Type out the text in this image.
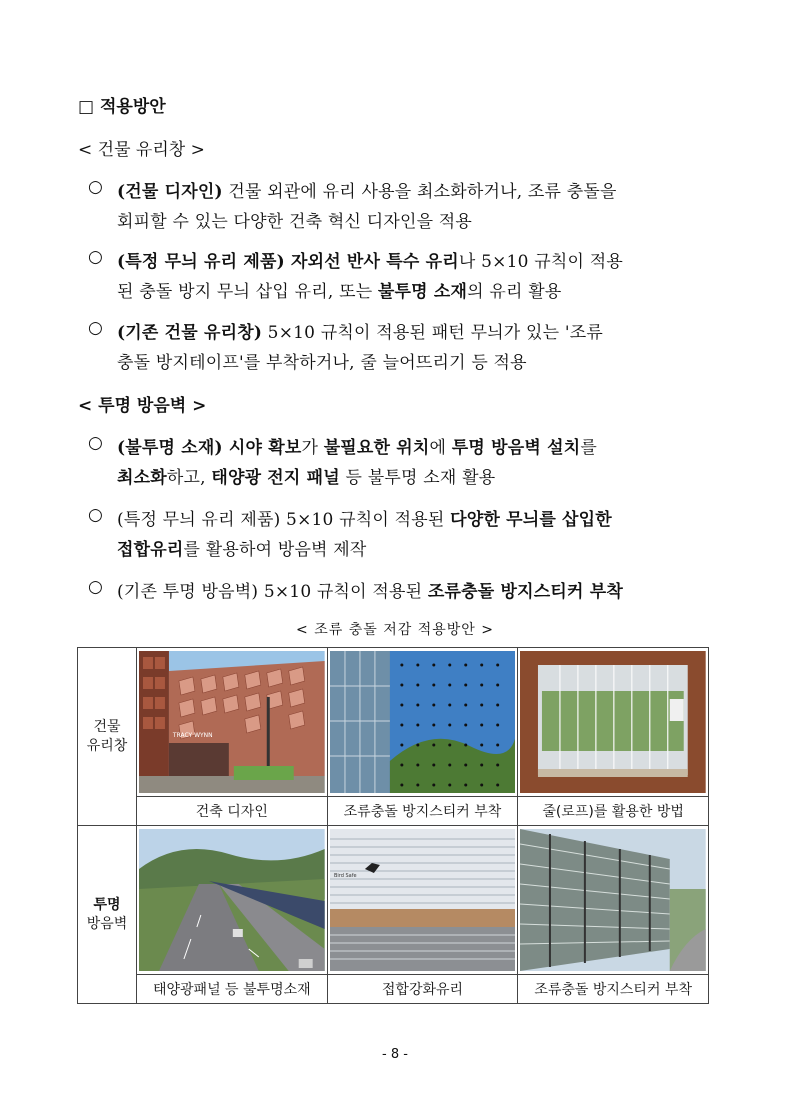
□ 적용방안
< 건물 유리창 >
○ (건물 디자인) 건물 외관에 유리 사용을 최소화하거나, 조류 충돌을
회피할 수 있는 다양한 건축 혁신 디자인을 적용
○ (특정 무늬 유리 제품) 자외선 반사 특수 유리나 5×10 규칙이 적용
된 충돌 방지 무늬 삽입 유리, 또는 불투명 소재의 유리 활용
○ (기존 건물 유리창) 5×10 규칙이 적용된 패턴 무늬가 있는 '조류
충돌 방지테이프'를 부착하거나, 줄 늘어뜨리기 등 적용
< 투명 방음벽 >
○ (불투명 소재) 시야 확보가 불필요한 위치에 투명 방음벽 설치를
최소화하고, 태양광 전지 패널 등 불투명 소재 활용
○ (특정 무늬 유리 제품) 5×10 규칙이 적용된 다양한 무늬를 삽입한
접합유리를 활용하여 방음벽 제작
○ (기존 투명 방음벽) 5×10 규칙이 적용된 조류충돌 방지스티커 부착
< 조류 충돌 저감 적용방안 >
건물
유리창	TRACY WYNN

	건축 디자인	조류충돌 방지스티커 부착	줄(로프)를 활용한 방법
투명
방음벽		Bird Safe

	태양광패널 등 불투명소재	접합강화유리	조류충돌 방지스티커 부착
- 8 -
